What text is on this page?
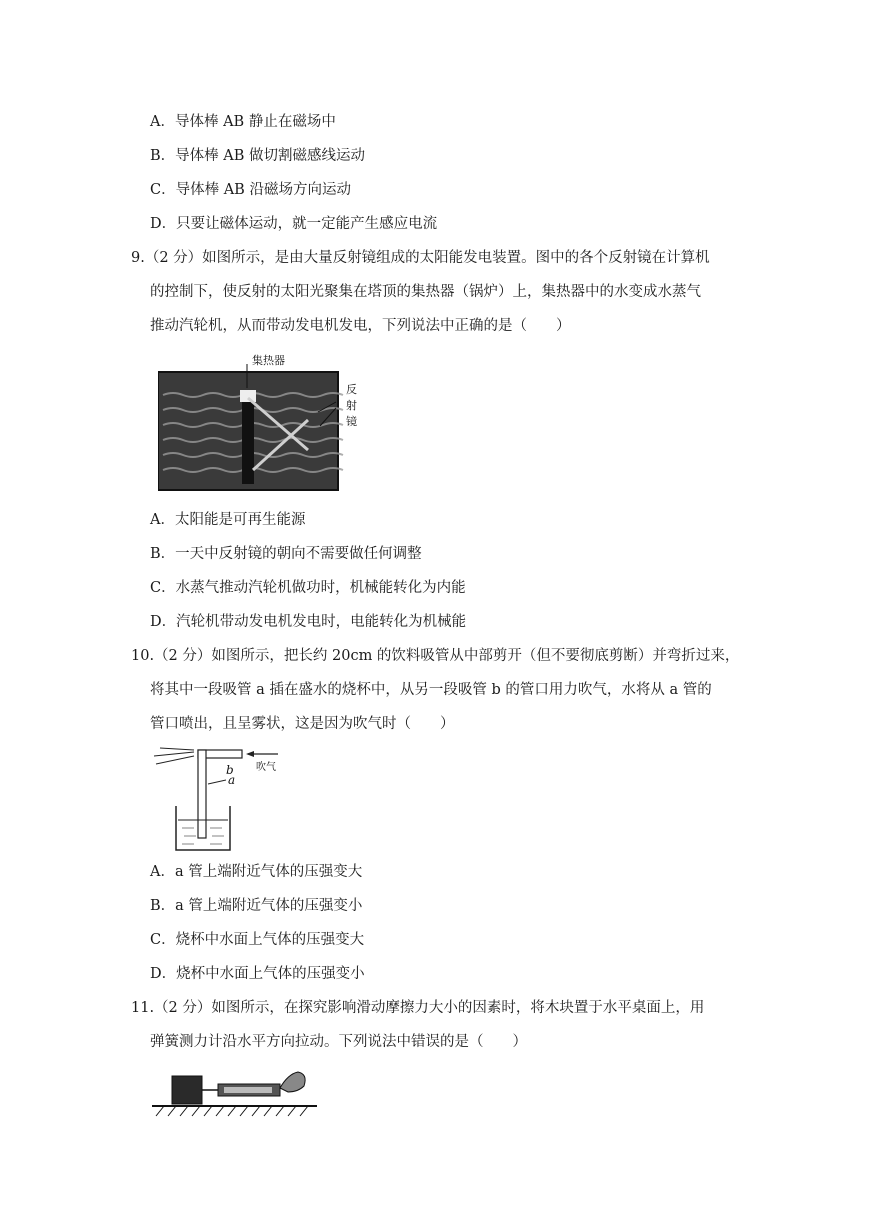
A．导体棒 AB 静止在磁场中
B．导体棒 AB 做切割磁感线运动
C．导体棒 AB 沿磁场方向运动
D．只要让磁体运动，就一定能产生感应电流
9.（2 分）如图所示，是由大量反射镜组成的太阳能发电装置。图中的各个反射镜在计算机
的控制下，使反射的太阳光聚集在塔顶的集热器（锅炉）上，集热器中的水变成水蒸气
推动汽轮机，从而带动发电机发电，下列说法中正确的是（　　）
集热器
反
射
镜
A．太阳能是可再生能源
B．一天中反射镜的朝向不需要做任何调整
C．水蒸气推动汽轮机做功时，机械能转化为内能
D．汽轮机带动发电机发电时，电能转化为机械能
10.（2 分）如图所示，把长约 20cm 的饮料吸管从中部剪开（但不要彻底剪断）并弯折过来，
将其中一段吸管 a 插在盛水的烧杯中，从另一段吸管 b 的管口用力吹气，水将从 a 管的
管口喷出，且呈雾状，这是因为吹气时（　　）
b
a
吹气
A．a 管上端附近气体的压强变大
B．a 管上端附近气体的压强变小
C．烧杯中水面上气体的压强变大
D．烧杯中水面上气体的压强变小
11.（2 分）如图所示，在探究影响滑动摩擦力大小的因素时，将木块置于水平桌面上，用
弹簧测力计沿水平方向拉动。下列说法中错误的是（　　）
